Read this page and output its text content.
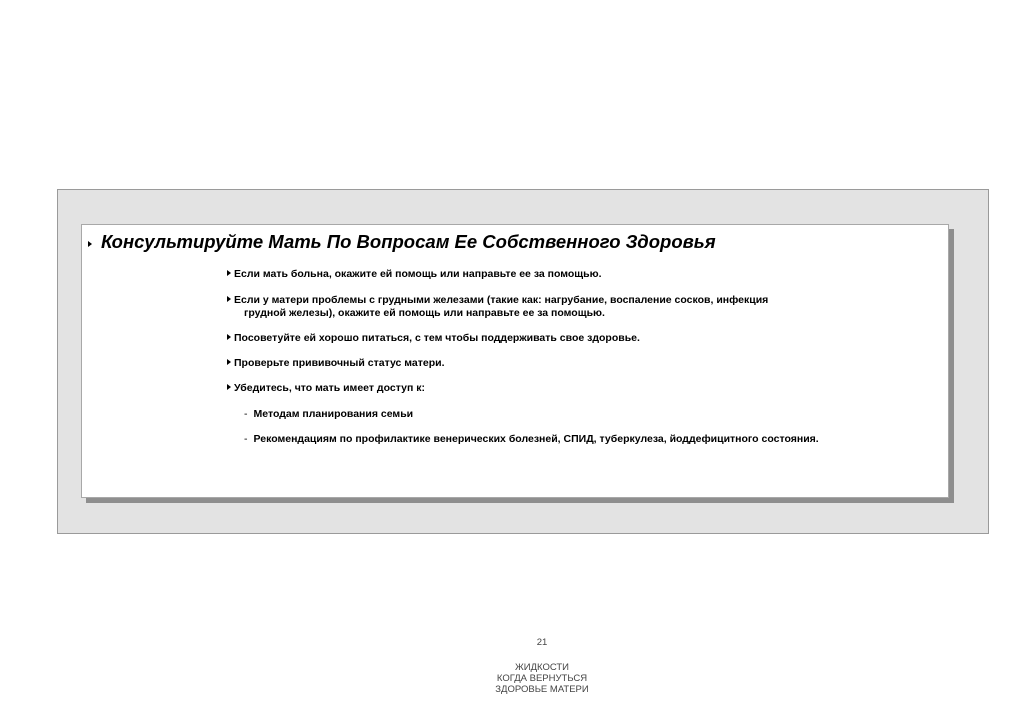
Консультируйте Мать По Вопросам Ее Собственного Здоровья
Если мать больна, окажите ей помощь или направьте ее за помощью.
Если у матери проблемы с грудными железами (такие как: нагрубание, воспаление сосков, инфекция
грудной железы), окажите ей помощь или направьте ее за помощью.
Посоветуйте ей хорошо питаться, с тем чтобы поддерживать свое здоровье.
Проверьте прививочный статус матери.
Убедитесь, что мать имеет доступ к:
- Методам планирования семьи
- Рекомендациям по профилактике венерических болезней, СПИД, туберкулеза, йоддефицитного состояния.
21
ЖИДКОСТИ
КОГДА ВЕРНУТЬСЯ
ЗДОРОВЬЕ МАТЕРИ
